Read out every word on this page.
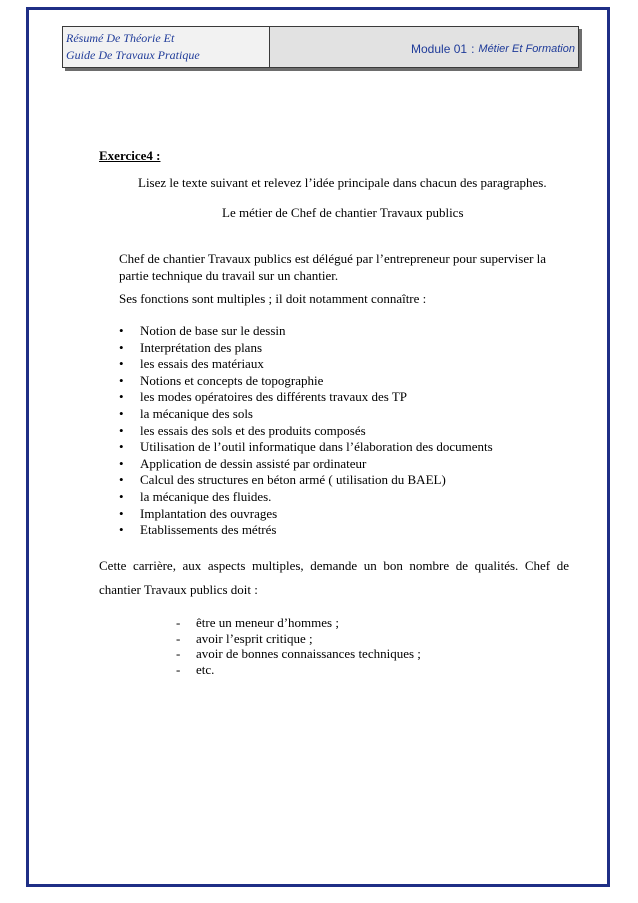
Résumé De Théorie Et
Guide De Travaux Pratique	Module 01 : Métier Et Formation
Exercice4 :
Lisez le texte suivant et relevez l’idée principale dans chacun des paragraphes.
Le métier de Chef de chantier Travaux publics
Chef de chantier Travaux publics est délégué par l’entrepreneur pour superviser la partie technique du travail sur un chantier.
Ses fonctions sont multiples ; il doit notamment connaître :
•	Notion de base sur le dessin
•	Interprétation des plans
•	les essais des matériaux
•	Notions et concepts de topographie
•	les modes opératoires des différents travaux des TP
•	la mécanique des sols
•	les essais des sols et des produits composés
•	Utilisation de l’outil informatique dans l’élaboration des documents
•	Application de dessin assisté par ordinateur
•	Calcul des structures en béton armé ( utilisation du BAEL)
•	la mécanique des fluides.
•	Implantation des ouvrages
•	Etablissements des métrés
Cette carrière, aux aspects multiples, demande un bon nombre de qualités. Chef de chantier Travaux publics doit :
-	être un meneur d’hommes ;
-	avoir l’esprit critique ;
-	avoir de bonnes connaissances techniques ;
-	etc.
